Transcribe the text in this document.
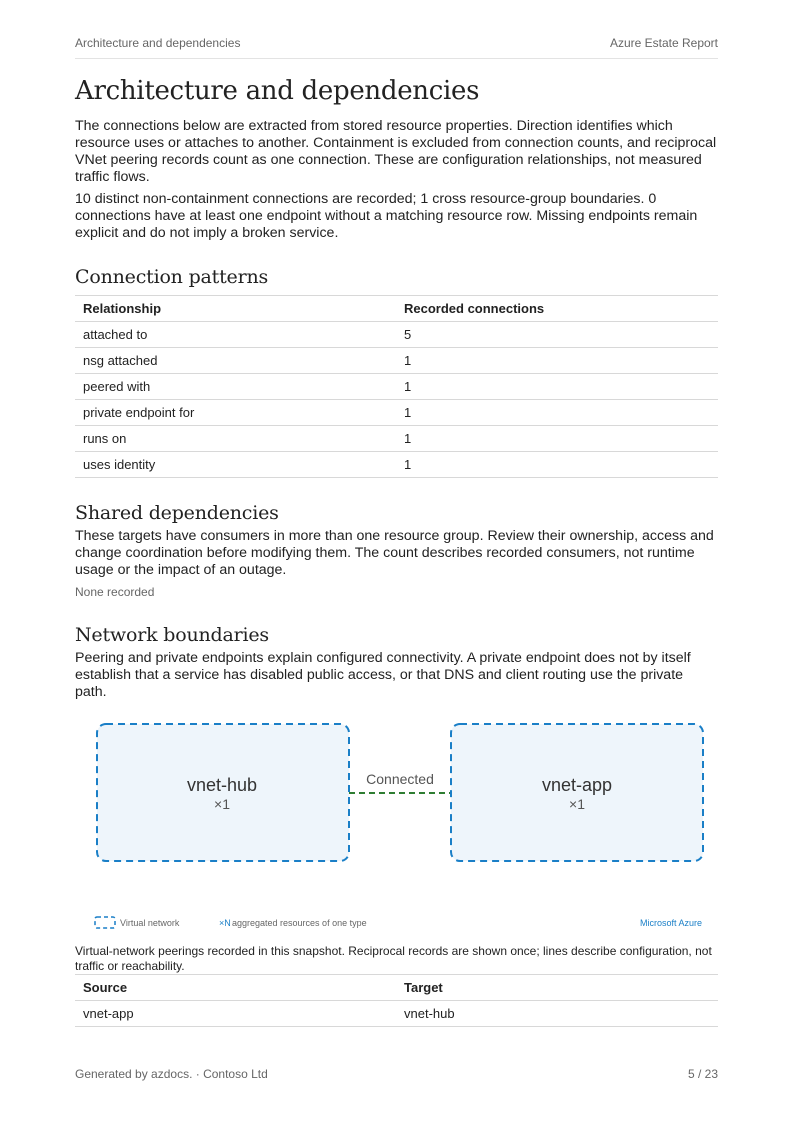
Architecture and dependencies	Azure Estate Report
Architecture and dependencies

The connections below are extracted from stored resource properties. Direction identifies which resource uses or attaches to another. Containment is excluded from connection counts, and reciprocal VNet peering records count as one connection. These are configuration relationships, not measured traffic flows.

10 distinct non-containment connections are recorded; 1 cross resource-group boundaries. 0 connections have at least one endpoint without a matching resource row. Missing endpoints remain explicit and do not imply a broken service.

Connection patterns
Relationship	Recorded connections
attached to	5
nsg attached	1
peered with	1
private endpoint for	1
runs on	1
uses identity	1
Shared dependencies

These targets have consumers in more than one resource group. Review their ownership, access and change coordination before modifying them. The count describes recorded consumers, not runtime usage or the impact of an outage.

None recorded

Network boundaries

Peering and private endpoints explain configured connectivity. A private endpoint does not by itself establish that a service has disabled public access, or that DNS and client routing use the private path.

vnet-hub
×1
Connected	vnet-app
×1
Virtual network	×N aggregated resources of one type	Microsoft Azure

Virtual-network peerings recorded in this snapshot. Reciprocal records are shown once; lines describe configuration, not traffic or reachability.

Source	Target
vnet-app	vnet-hub
Generated by azdocs. · Contoso Ltd	5 / 23
